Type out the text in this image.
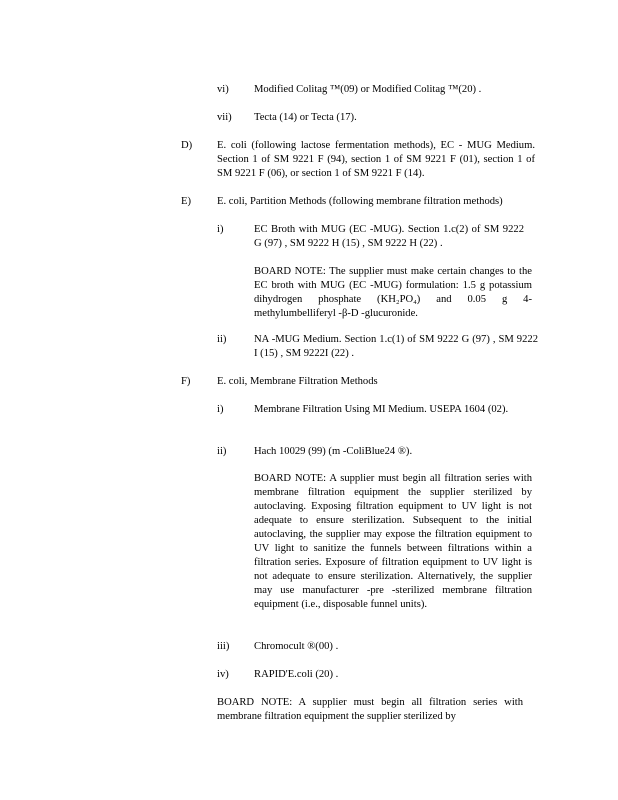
vi) Modified Colitag ™(09) or Modified Colitag ™(20) .
vii) Tecta (14) or Tecta (17).
D) E. coli (following lactose fermentation methods), EC - MUG Medium. Section 1 of SM 9221 F (94), section 1 of SM 9221 F (01), section 1 of SM 9221 F (06), or section 1 of SM 9221 F (14).
E) E. coli, Partition Methods (following membrane filtration methods)
i)	EC Broth with MUG (EC -MUG). Section 1.c(2) of SM 9222 G (97) , SM 9222 H (15) , SM 9222 H (22) .
BOARD NOTE: The supplier must make certain changes to the EC broth with MUG (EC -MUG) formulation: 1.5 g potassium dihydrogen phosphate (KH₂PO₄) and 0.05 g 4-methylumbelliferyl -β-D -glucuronide.
ii)	NA -MUG Medium. Section 1.c(1) of SM 9222 G (97) , SM 9222 I (15) , SM 9222I (22) .
F)	E. coli, Membrane Filtration Methods
i)	Membrane Filtration Using MI Medium. USEPA 1604 (02).
ii)	Hach 10029 (99) (m -ColiBlue24 ®).
BOARD NOTE: A supplier must begin all filtration series with membrane filtration equipment the supplier sterilized by autoclaving. Exposing filtration equipment to UV light is not adequate to ensure sterilization. Subsequent to the initial autoclaving, the supplier may expose the filtration equipment to UV light to sanitize the funnels between filtrations within a filtration series. Exposure of filtration equipment to UV light is not adequate to ensure sterilization. Alternatively, the supplier may use manufacturer -pre -sterilized membrane filtration equipment (i.e., disposable funnel units).
iii) Chromocult ®(00) .
iv) RAPID'E.coli (20) .
BOARD NOTE: A supplier must begin all filtration series with membrane filtration equipment the supplier sterilized by
